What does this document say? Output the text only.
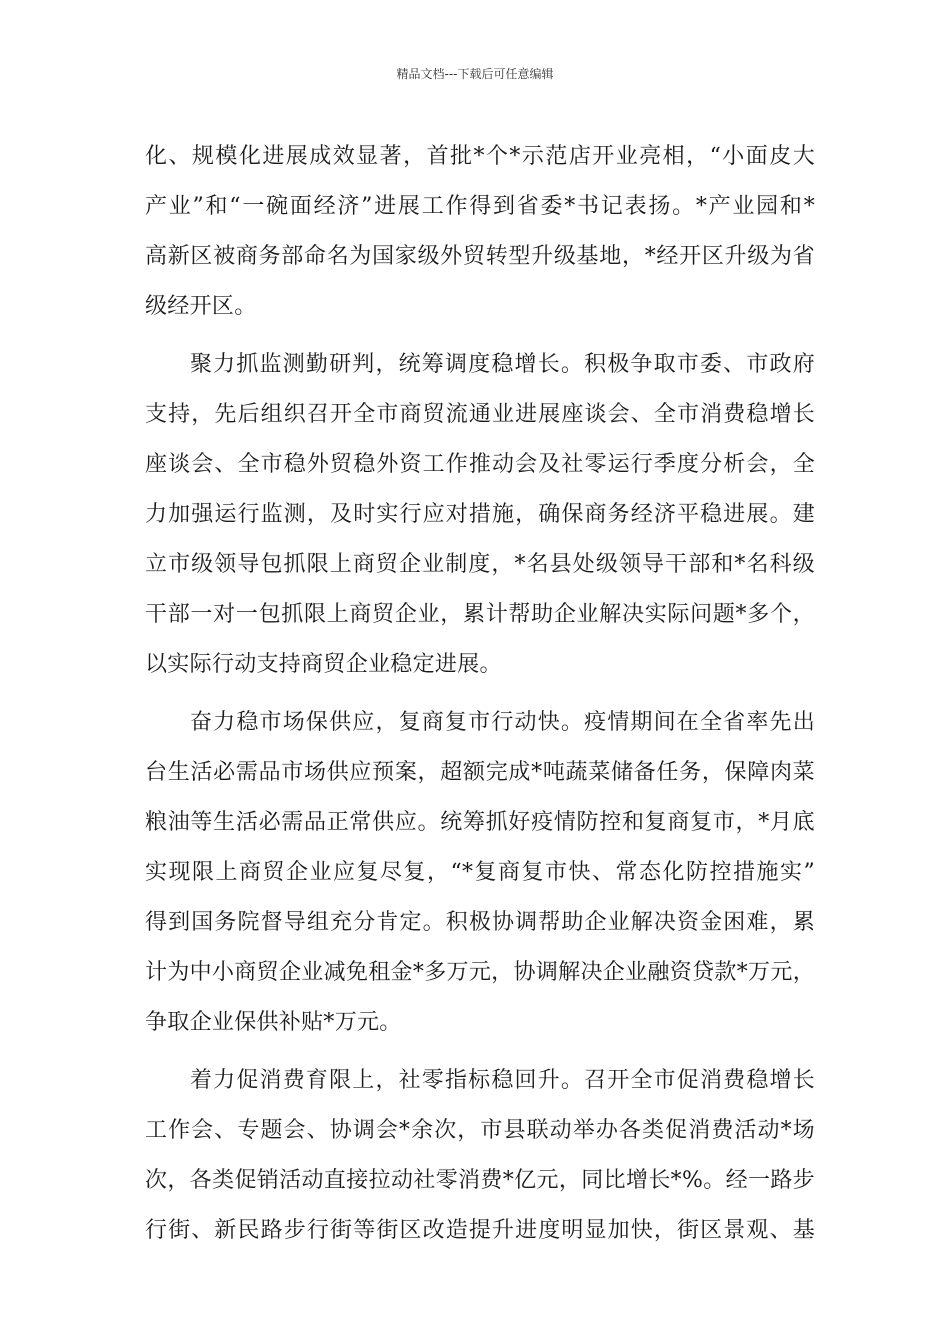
精品文档---下载后可任意编辑
化、规模化进展成效显著，首批*个*示范店开业亮相，“小面皮大
产业”和“一碗面经济”进展工作得到省委*书记表扬。*产业园和*
高新区被商务部命名为国家级外贸转型升级基地，*经开区升级为省
级经开区。
聚力抓监测勤研判，统筹调度稳增长。积极争取市委、市政府
支持，先后组织召开全市商贸流通业进展座谈会、全市消费稳增长
座谈会、全市稳外贸稳外资工作推动会及社零运行季度分析会，全
力加强运行监测，及时实行应对措施，确保商务经济平稳进展。建
立市级领导包抓限上商贸企业制度，*名县处级领导干部和*名科级
干部一对一包抓限上商贸企业，累计帮助企业解决实际问题*多个，
以实际行动支持商贸企业稳定进展。
奋力稳市场保供应，复商复市行动快。疫情期间在全省率先出
台生活必需品市场供应预案，超额完成*吨蔬菜储备任务，保障肉菜
粮油等生活必需品正常供应。统筹抓好疫情防控和复商复市，*月底
实现限上商贸企业应复尽复，“*复商复市快、常态化防控措施实”
得到国务院督导组充分肯定。积极协调帮助企业解决资金困难，累
计为中小商贸企业减免租金*多万元，协调解决企业融资贷款*万元，
争取企业保供补贴*万元。
着力促消费育限上，社零指标稳回升。召开全市促消费稳增长
工作会、专题会、协调会*余次，市县联动举办各类促消费活动*场
次，各类促销活动直接拉动社零消费*亿元，同比增长*%。经一路步
行街、新民路步行街等街区改造提升进度明显加快，街区景观、基
